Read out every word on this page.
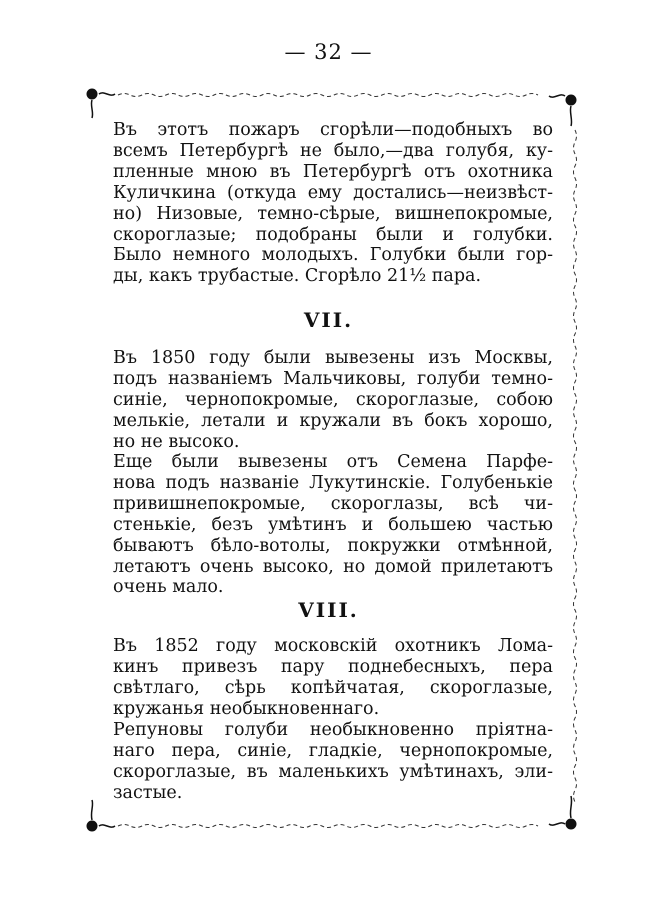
— 32 —
Въ этотъ пожаръ сгорѣли—подобныхъ во
всемъ Петербургѣ не было,—два голубя, ку-
пленные мною въ Петербургѣ отъ охотника
Куличкина (откуда ему достались—неизвѣст-
но) Низовые, темно-сѣрые, вишнепокромые,
скороглазые; подобраны были и голубки.
Было немного молодыхъ. Голубки были гор-
ды, какъ трубастые. Сгорѣло 21½ пара.
VII.
Въ 1850 году были вывезены изъ Москвы,
подъ названіемъ Мальчиковы, голуби темно-
синіе, чернопокромые, скороглазые, собою
мелькіе, летали и кружали въ бокъ хорошо,
но не высоко.
Еще были вывезены отъ Семена Парфе-
нова подъ названіе Лукутинскіе. Голубенькіе
привишнепокромые, скороглазы, всѣ чи-
стенькіе, безъ умѣтинъ и большею частью
бываютъ бѣло-вотолы, покружки отмѣнной,
летаютъ очень высоко, но домой прилетаютъ
очень мало.
VIII.
Въ 1852 году московскій охотникъ Лома-
кинъ привезъ пару поднебесныхъ, пера
свѣтлаго, сѣрь копѣйчатая, скороглазые,
кружанья необыкновеннаго.
Репуновы голуби необыкновенно пріятна-
наго пера, синіе, гладкіе, чернопокромые,
скороглазые, въ маленькихъ умѣтинахъ, эли-
застые.
